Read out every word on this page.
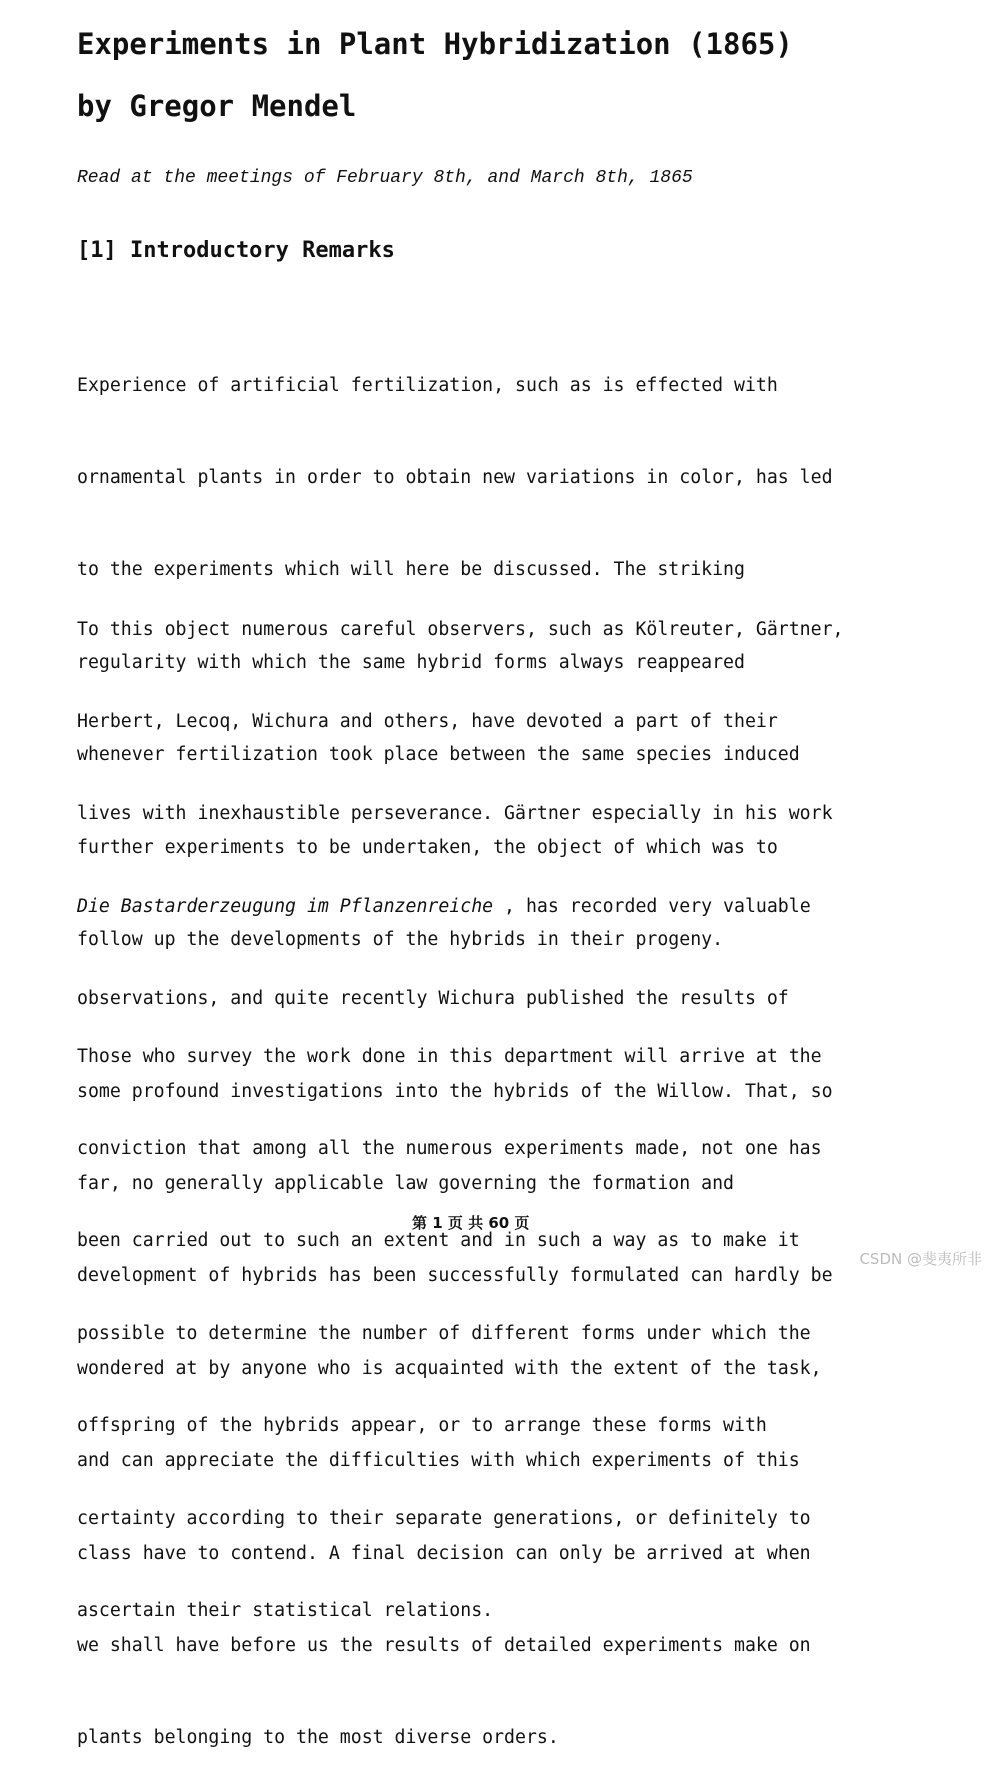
Experiments in Plant Hybridization (1865)
by Gregor Mendel
Read at the meetings of February 8th, and March 8th, 1865
[1] Introductory Remarks

Experience of artificial fertilization, such as is effected with

ornamental plants in order to obtain new variations in color, has led

to the experiments which will here be discussed. The striking

regularity with which the same hybrid forms always reappeared

whenever fertilization took place between the same species induced

further experiments to be undertaken, the object of which was to

follow up the developments of the hybrids in their progeny.

To this object numerous careful observers, such as Kölreuter, Gärtner,

Herbert, Lecoq, Wichura and others, have devoted a part of their

lives with inexhaustible perseverance. Gärtner especially in his work

Die Bastarderzeugung im Pflanzenreiche , has recorded very valuable

observations, and quite recently Wichura published the results of

some profound investigations into the hybrids of the Willow. That, so

far, no generally applicable law governing the formation and

development of hybrids has been successfully formulated can hardly be

wondered at by anyone who is acquainted with the extent of the task,

and can appreciate the difficulties with which experiments of this

class have to contend. A final decision can only be arrived at when

we shall have before us the results of detailed experiments make on

plants belonging to the most diverse orders.

Those who survey the work done in this department will arrive at the

conviction that among all the numerous experiments made, not one has

been carried out to such an extent and in such a way as to make it

possible to determine the number of different forms under which the

offspring of the hybrids appear, or to arrange these forms with

certainty according to their separate generations, or definitely to

ascertain their statistical relations.

第 1 页 共 60 页
CSDN @斐夷所非
